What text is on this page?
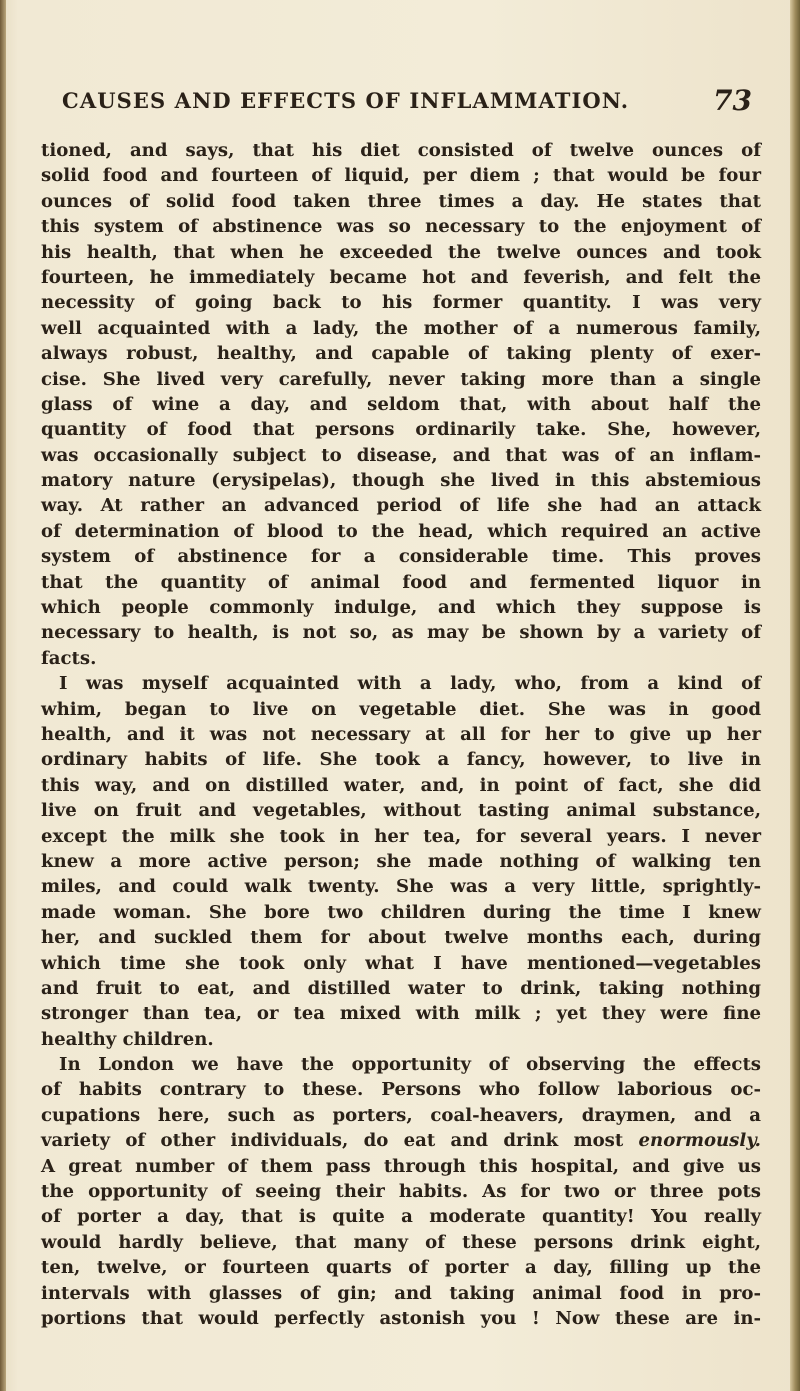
CAUSES AND EFFECTS OF INFLAMMATION.	73
tioned, and says, that his diet consisted of twelve ounces of
solid food and fourteen of liquid, per diem ; that would be four
ounces of solid food taken three times a day. He states that
this system of abstinence was so necessary to the enjoyment of
his health, that when he exceeded the twelve ounces and took
fourteen, he immediately became hot and feverish, and felt the
necessity of going back to his former quantity. I was very
well acquainted with a lady, the mother of a numerous family,
always robust, healthy, and capable of taking plenty of exer-
cise. She lived very carefully, never taking more than a single
glass of wine a day, and seldom that, with about half the
quantity of food that persons ordinarily take. She, however,
was occasionally subject to disease, and that was of an inflam-
matory nature (erysipelas), though she lived in this abstemious
way. At rather an advanced period of life she had an attack
of determination of blood to the head, which required an active
system of abstinence for a considerable time. This proves
that the quantity of animal food and fermented liquor in
which people commonly indulge, and which they suppose is
necessary to health, is not so, as may be shown by a variety of
facts.
I was myself acquainted with a lady, who, from a kind of
whim, began to live on vegetable diet. She was in good
health, and it was not necessary at all for her to give up her
ordinary habits of life. She took a fancy, however, to live in
this way, and on distilled water, and, in point of fact, she did
live on fruit and vegetables, without tasting animal substance,
except the milk she took in her tea, for several years. I never
knew a more active person; she made nothing of walking ten
miles, and could walk twenty. She was a very little, sprightly-
made woman. She bore two children during the time I knew
her, and suckled them for about twelve months each, during
which time she took only what I have mentioned—vegetables
and fruit to eat, and distilled water to drink, taking nothing
stronger than tea, or tea mixed with milk ; yet they were fine
healthy children.
In London we have the opportunity of observing the effects
of habits contrary to these. Persons who follow laborious oc-
cupations here, such as porters, coal-heavers, draymen, and a
variety of other individuals, do eat and drink most enormously.
A great number of them pass through this hospital, and give us
the opportunity of seeing their habits. As for two or three pots
of porter a day, that is quite a moderate quantity! You really
would hardly believe, that many of these persons drink eight,
ten, twelve, or fourteen quarts of porter a day, filling up the
intervals with glasses of gin; and taking animal food in pro-
portions that would perfectly astonish you ! Now these are in-
